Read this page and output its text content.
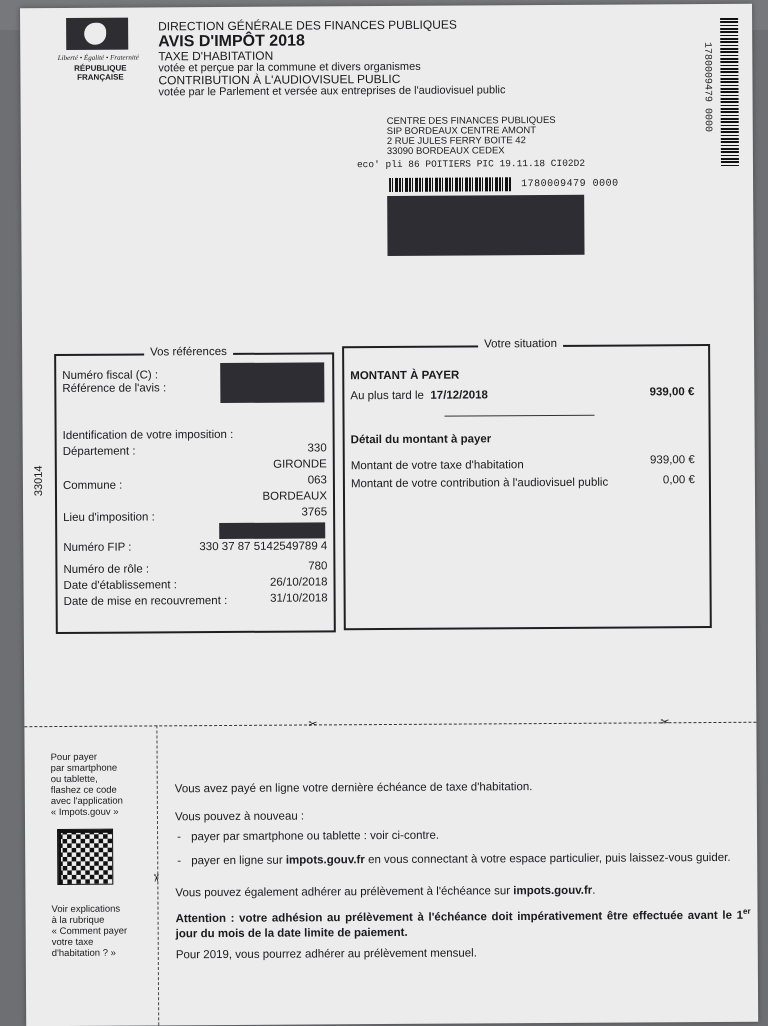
Liberté • Égalité • Fraternité
RÉPUBLIQUE FRANÇAISE
DIRECTION GÉNÉRALE DES FINANCES PUBLIQUES
AVIS D'IMPÔT 2018
TAXE D'HABITATION
votée et perçue par la commune et divers organismes
CONTRIBUTION À L'AUDIOVISUEL PUBLIC
votée par le Parlement et versée aux entreprises de l'audiovisuel public	1780009479 0000
CENTRE DES FINANCES PUBLIQUES
SIP BORDEAUX CENTRE AMONT
2 RUE JULES FERRY BOITE 42
33090 BORDEAUX CEDEX
eco' pli 86 POITIERS PIC 19.11.18 CI02D2
1780009479 0000
33014
Vos références
Numéro fiscal (C) :
Référence de l'avis :
Identification de votre imposition :
Département :	330
GIRONDE
Commune :	063
BORDEAUX
Lieu d'imposition :	3765
Numéro FIP :	330 37 87 5142549789 4
Numéro de rôle :	780
Date d'établissement :	26/10/2018
Date de mise en recouvrement :	31/10/2018
Votre situation
MONTANT À PAYER
Au plus tard le 17/12/2018	939,00 €
Détail du montant à payer
Montant de votre taxe d'habitation	939,00 €
Montant de votre contribution à l'audiovisuel public	0,00 €
✂	✂
✂
Pour payer
par smartphone
ou tablette,
flashez ce code
avec l'application
« Impots.gouv »
Voir explications
à la rubrique
« Comment payer
votre taxe
d'habitation ? »
Vous avez payé en ligne votre dernière échéance de taxe d'habitation.
Vous pouvez à nouveau :
- payer par smartphone ou tablette : voir ci-contre.
- payer en ligne sur impots.gouv.fr en vous connectant à votre espace particulier, puis laissez-vous guider.
Vous pouvez également adhérer au prélèvement à l'échéance sur impots.gouv.fr.
Attention : votre adhésion au prélèvement à l'échéance doit impérativement être effectuée avant le 1er jour du mois de la date limite de paiement.
Pour 2019, vous pourrez adhérer au prélèvement mensuel.
